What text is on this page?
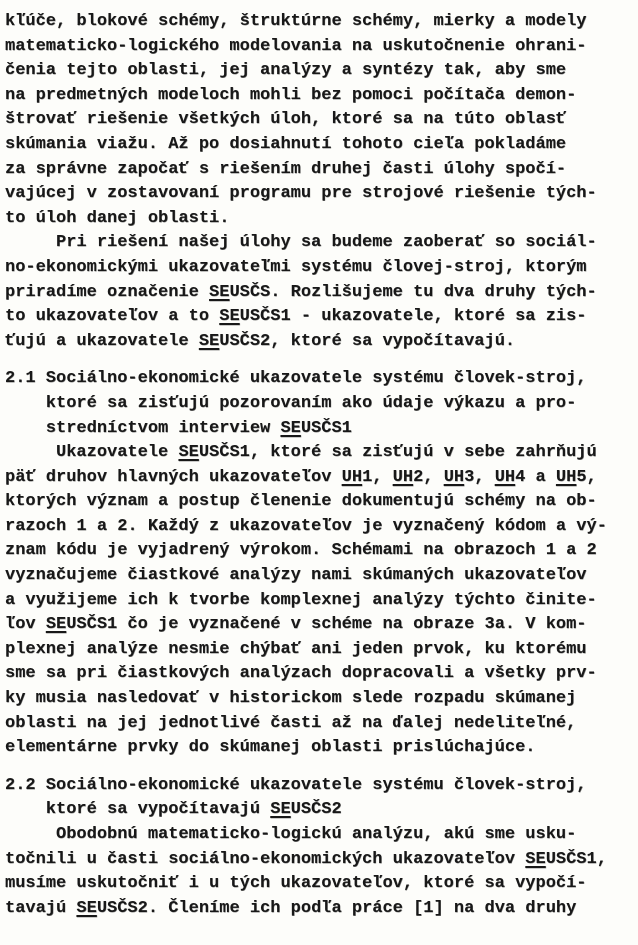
kľúče, blokové schémy, štruktúrne schémy, mierky a modely
matematicko-logického modelovania na uskutočnenie ohrani-
čenia tejto oblasti, jej analýzy a syntézy tak, aby sme
na predmetných modeloch mohli bez pomoci počítača demon-
štrovať riešenie všetkých úloh, ktoré sa na túto oblasť
skúmania viažu. Až po dosiahnutí tohoto cieľa pokladáme
za správne započať s riešením druhej časti úlohy spočí-
vajúcej v zostavovaní programu pre strojové riešenie tých-
to úloh danej oblasti.
Pri riešení našej úlohy sa budeme zaoberať so sociál-
no-ekonomickými ukazovateľmi systému človej-stroj, ktorým
priradíme označenie SEUSČS. Rozlišujeme tu dva druhy tých-
to ukazovateľov a to SEUSČS1 - ukazovatele, ktoré sa zis-
ťujú a ukazovatele SEUSČS2, ktoré sa vypočítavajú.
2.1 Sociálno-ekonomické ukazovatele systému človek-stroj,
ktoré sa zisťujú pozorovaním ako údaje výkazu a pro-
stredníctvom interview SEUSČS1
Ukazovatele SEUSČS1, ktoré sa zisťujú v sebe zahrňujú
päť druhov hlavných ukazovateľov UH1, UH2, UH3, UH4 a UH5,
ktorých význam a postup členenie dokumentujú schémy na ob-
razoch 1 a 2. Každý z ukazovateľov je vyznačený kódom a vý-
znam kódu je vyjadrený výrokom. Schémami na obrazoch 1 a 2
vyznačujeme čiastkové analýzy nami skúmaných ukazovateľov
a využijeme ich k tvorbe komplexnej analýzy týchto činite-
ľov SEUSČS1 čo je vyznačené v schéme na obraze 3a. V kom-
plexnej analýze nesmie chýbať ani jeden prvok, ku ktorému
sme sa pri čiastkových analýzach dopracovali a všetky prv-
ky musia nasledovať v historickom slede rozpadu skúmanej
oblasti na jej jednotlivé časti až na ďalej nedeliteľné,
elementárne prvky do skúmanej oblasti prislúchajúce.
2.2 Sociálno-ekonomické ukazovatele systému človek-stroj,
ktoré sa vypočítavajú SEUSČS2
Obodobnú matematicko-logickú analýzu, akú sme usku-
točnili u časti sociálno-ekonomických ukazovateľov SEUSČS1,
musíme uskutočniť i u tých ukazovateľov, ktoré sa vypočí-
tavajú SEUSČS2. Členíme ich podľa práce [1] na dva druhy
